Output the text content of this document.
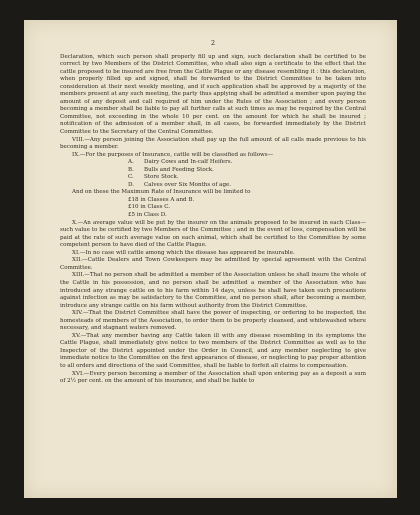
2

Declaration, which such person shall properly fill up and sign, such declaration shall be certified to be correct by two Members of the District Committee, who shall also sign a certificate to the effect that the cattle proposed to be insured are free from the Cattle Plague or any disease resembling it : this declaration, when properly filled up and signed, shall be forwarded to the District Committee to be taken into consideration at their next weekly meeting, and if such application shall be approved by a majority of the members present at any such meeting, the party thus applying shall be admitted a member upon paying the amount of any deposit and call required of him under the Rules of the Association ; and every person becoming a member shall be liable to pay all further calls at such times as may be required by the Central Committee, not exceeding in the whole 10 per cent. on the amount for which he shall be insured ; notification of the admission of a member shall, in all cases, be forwarded immediately by the District Committee to the Secretary of the Central Committee.

VIII.—Any person joining the Association shall pay up the full amount of all calls made previous to his becoming a member.

IX.—For the purposes of Insurance, cattle will be classified as follows—

A. Dairy Cows and In-calf Heifers.
B. Bulls and Feeding Stock.
C. Store Stock.
D. Calves over Six Months of age.

And on these the Maximum Rate of Insurance will be limited to

£18 in Classes A and B.
£10 in Class C.
£5 in Class D.

X.—An average value will be put by the insurer on the animals proposed to be insured in each Class—such value to be certified by two Members of the Committee ; and in the event of loss, compensation will be paid at the rate of such average value on each animal, which shall be certified to the Committee by some competent person to have died of the Cattle Plague.

XI.—In no case will cattle among which the disease has appeared be insurable.

XII.—Cattle Dealers and Town Cowkeepers may be admitted by special agreement with the Central Committee.

XIII.—That no person shall be admitted a member of the Association unless he shall insure the whole of the Cattle in his possession, and no person shall be admitted a member of the Association who has introduced any strange cattle on to his farm within 14 days, unless he shall have taken such precautions against infection as may be satisfactory to the Committee, and no person shall, after becoming a member, introduce any strange cattle on his farm without authority from the District Committee.

XIV.—That the District Committee shall have the power of inspecting, or ordering to be inspected, the homesteads of members of the Association, to order them to be properly cleansed, and whitewashed where necessary, and stagnant waters removed.

XV.—That any member having any Cattle taken ill with any disease resembling in its symptoms the Cattle Plague, shall immediately give notice to two members of the District Committee as well as to the Inspector of the District appointed under the Order in Council, and any member neglecting to give immediate notice to the Committee on the first appearance of disease, or neglecting to pay proper attention to all orders and directions of the said Committee, shall be liable to forfeit all claims to compensation.

XVI.—Every person becoming a member of the Association shall upon entering pay as a deposit a sum of 2½ per cent. on the amount of his insurance, and shall be liable to
